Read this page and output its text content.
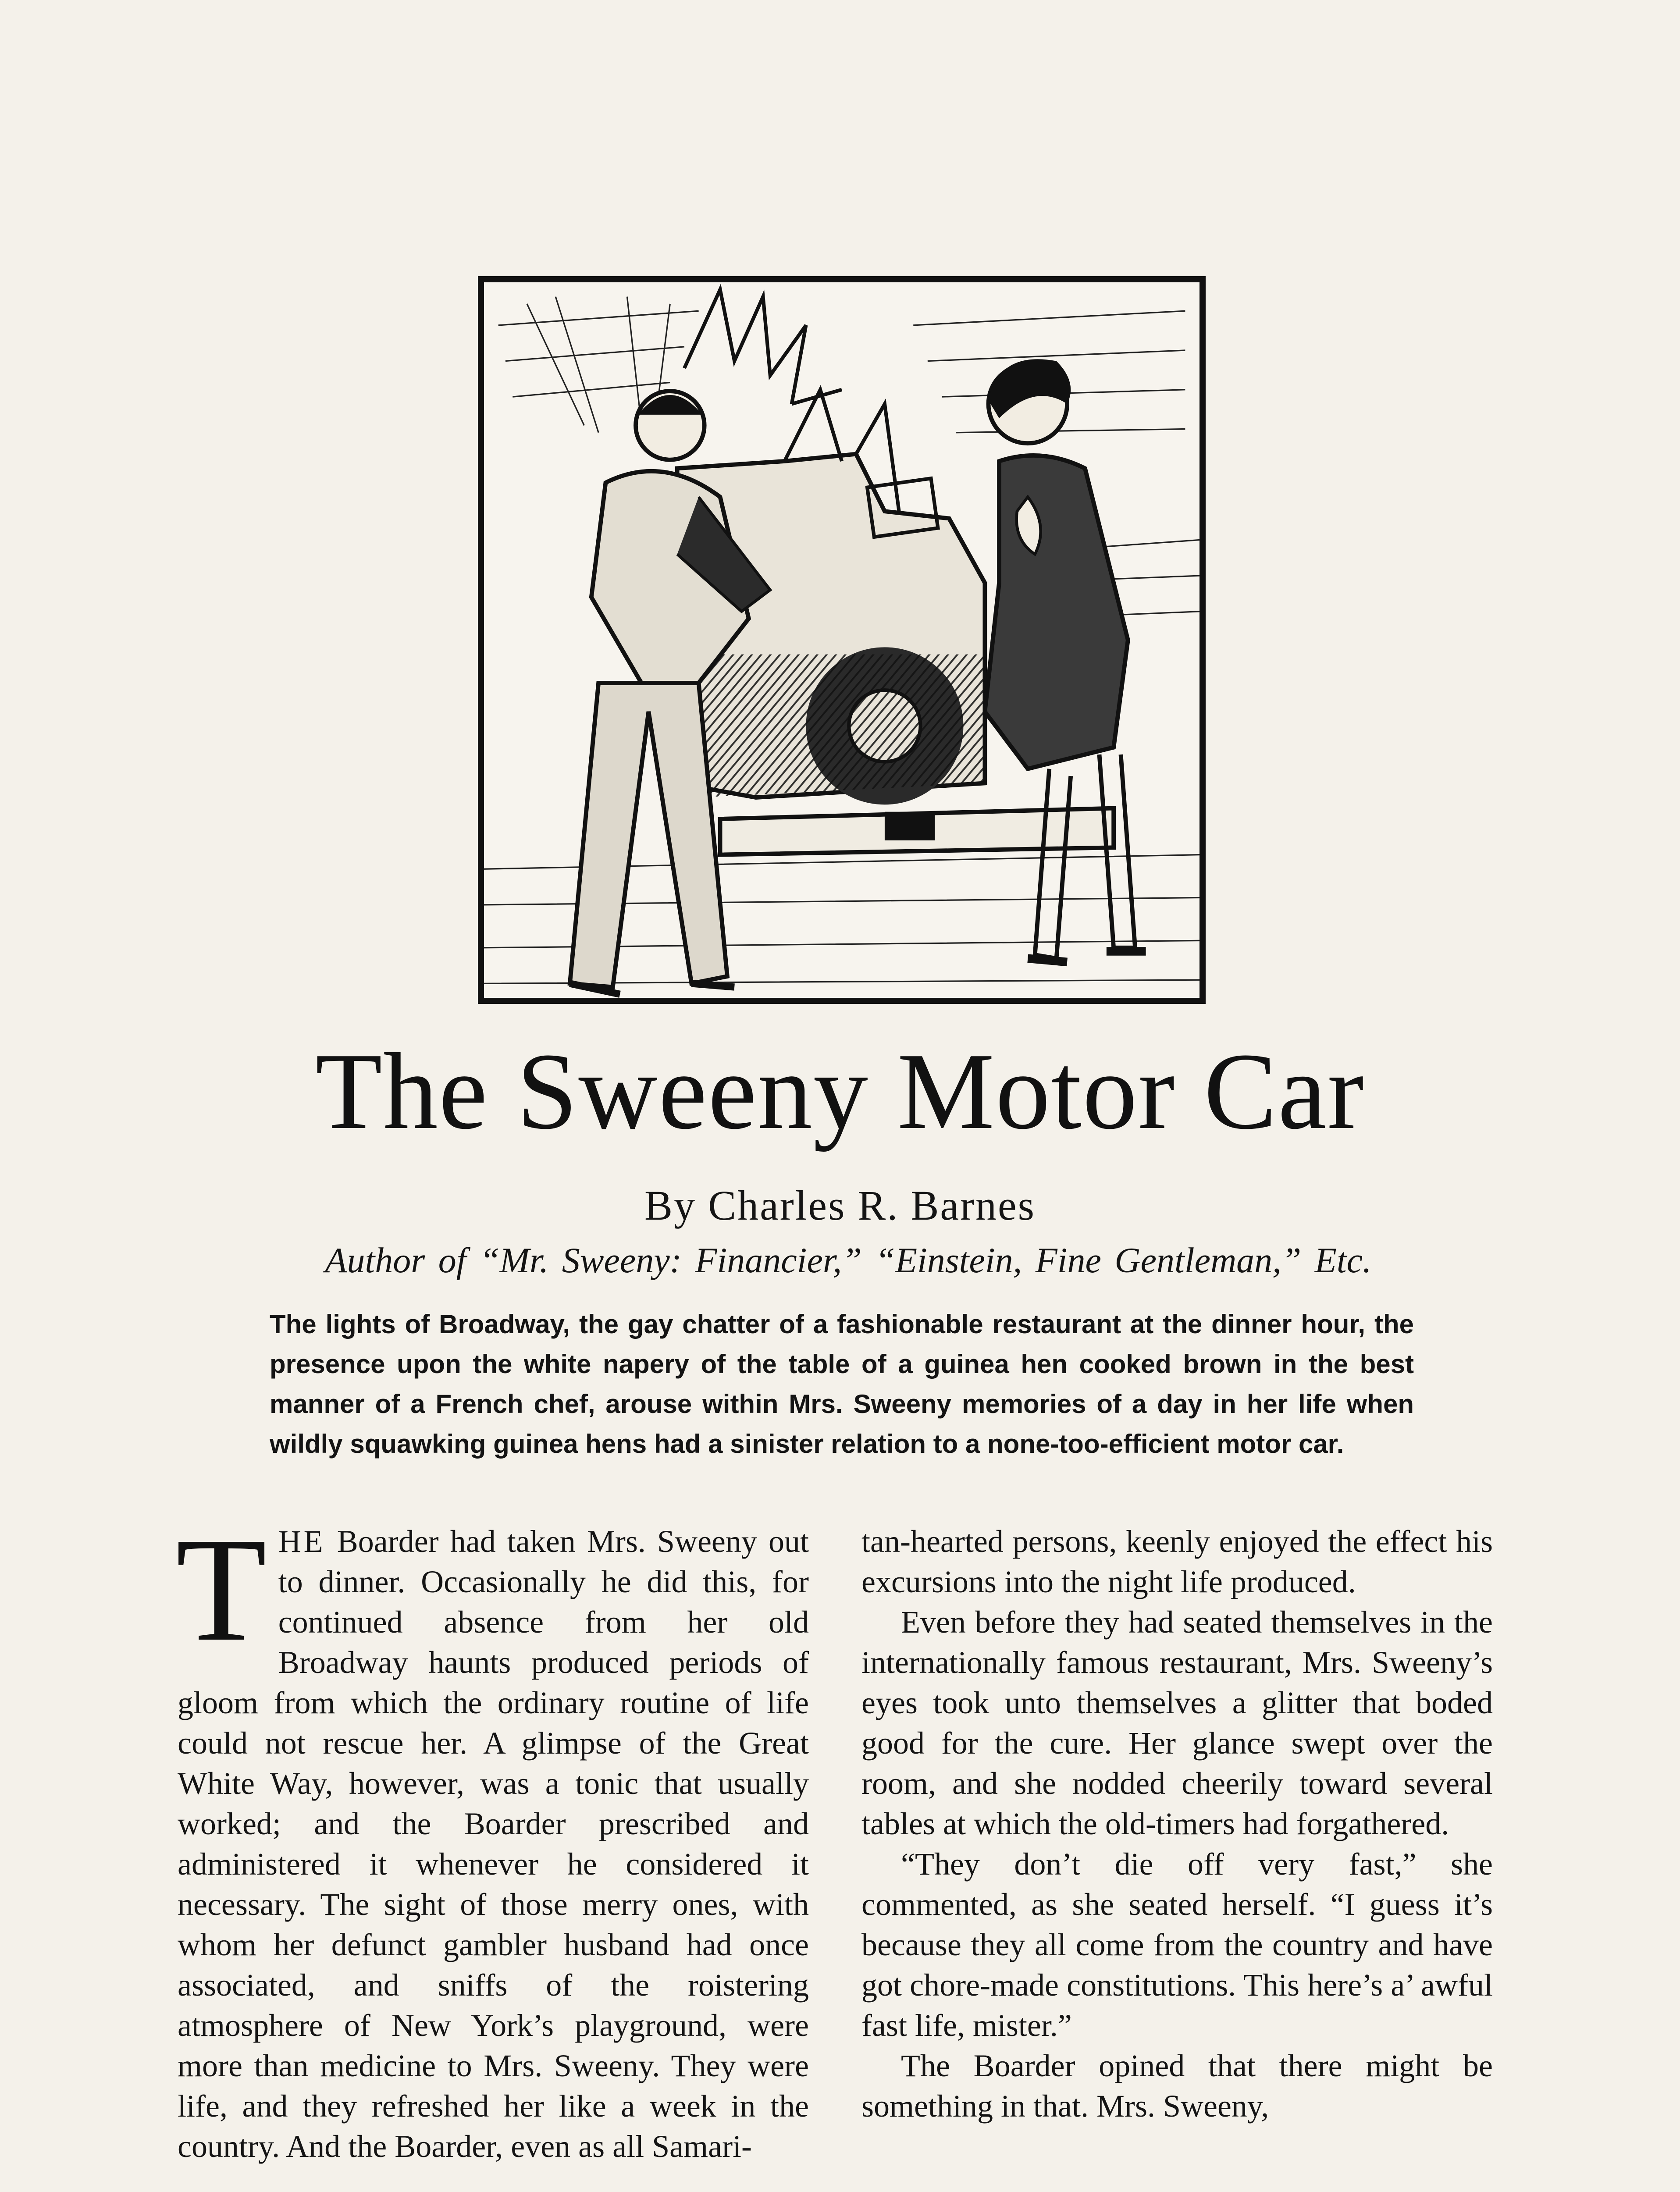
The Sweeny Motor Car
By Charles R. Barnes
Author of “Mr. Sweeny: Financier,” “Einstein, Fine Gentleman,” Etc.
The lights of Broadway, the gay chatter of a fashionable restaurant at the dinner hour, the presence upon the white napery of the table of a guinea hen cooked brown in the best manner of a French chef, arouse within Mrs. Sweeny memories of a day in her life when wildly squawking guinea hens had a sinister relation to a none-too-efficient motor car.

THE Boarder had taken Mrs. Sweeny out to dinner. Occasionally he did this, for continued absence from her old Broadway haunts produced periods of gloom from which the ordinary routine of life could not rescue her. A glimpse of the Great White Way, however, was a tonic that usually worked; and the Boarder prescribed and administered it whenever he considered it necessary. The sight of those merry ones, with whom her defunct gambler husband had once associated, and sniffs of the roistering atmosphere of New York’s playground, were more than medicine to Mrs. Sweeny. They were life, and they refreshed her like a week in the country. And the Boarder, even as all Samari-

tan-hearted persons, keenly enjoyed the effect his excursions into the night life produced.

Even before they had seated themselves in the internationally famous restaurant, Mrs. Sweeny’s eyes took unto themselves a glitter that boded good for the cure. Her glance swept over the room, and she nodded cheerily toward several tables at which the old-timers had forgathered.

“They don’t die off very fast,” she commented, as she seated herself. “I guess it’s because they all come from the country and have got chore-made constitutions. This here’s a’ awful fast life, mister.”

The Boarder opined that there might be something in that. Mrs. Sweeny,
